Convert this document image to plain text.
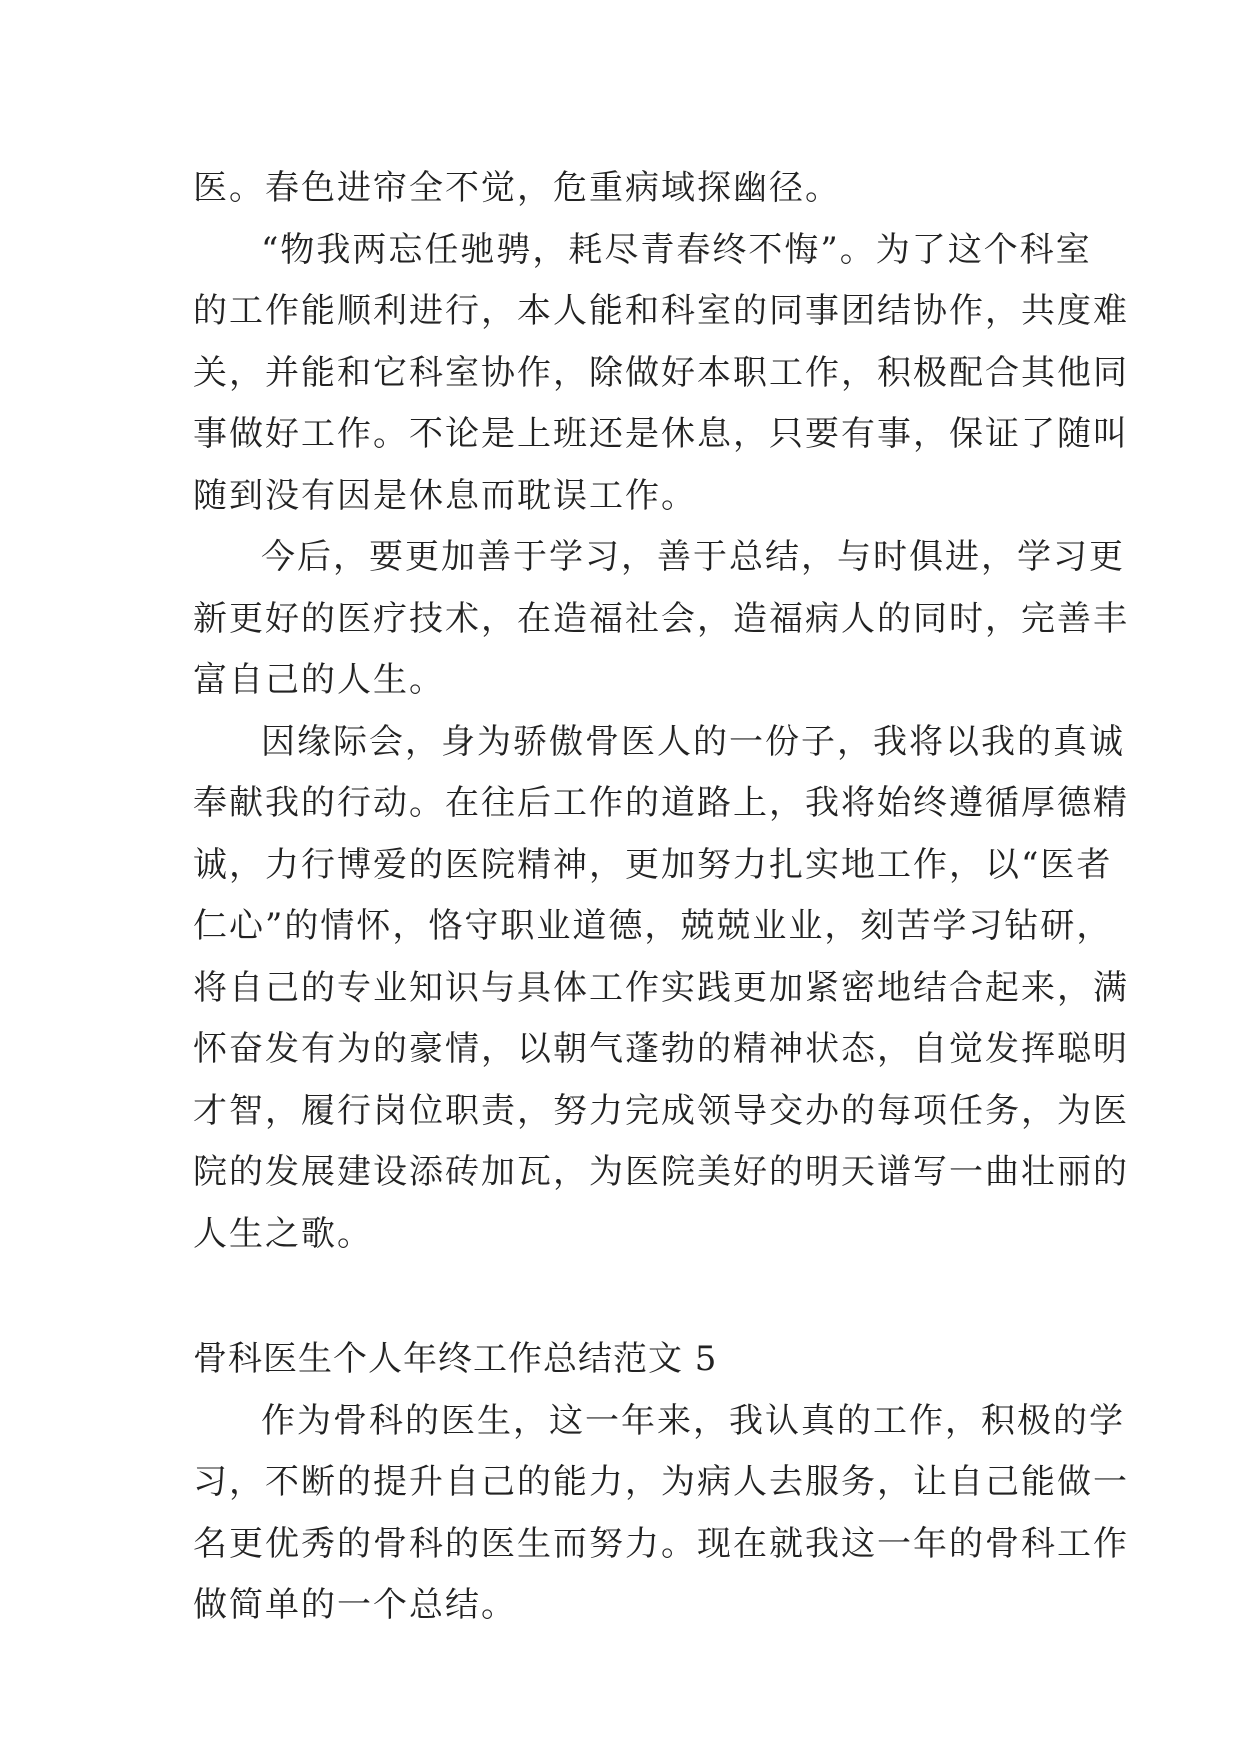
医。春色进帘全不觉，危重病域探幽径。
“物我两忘任驰骋，耗尽青春终不悔”。为了这个科室
的工作能顺利进行，本人能和科室的同事团结协作，共度难
关，并能和它科室协作，除做好本职工作，积极配合其他同
事做好工作。不论是上班还是休息，只要有事，保证了随叫
随到没有因是休息而耽误工作。
今后，要更加善于学习，善于总结，与时俱进，学习更
新更好的医疗技术，在造福社会，造福病人的同时，完善丰
富自己的人生。
因缘际会，身为骄傲骨医人的一份子，我将以我的真诚
奉献我的行动。在往后工作的道路上，我将始终遵循厚德精
诚，力行博爱的医院精神，更加努力扎实地工作，以“医者
仁心”的情怀，恪守职业道德，兢兢业业，刻苦学习钻研，
将自己的专业知识与具体工作实践更加紧密地结合起来，满
怀奋发有为的豪情，以朝气蓬勃的精神状态，自觉发挥聪明
才智，履行岗位职责，努力完成领导交办的每项任务，为医
院的发展建设添砖加瓦，为医院美好的明天谱写一曲壮丽的
人生之歌。
骨科医生个人年终工作总结范文 5
作为骨科的医生，这一年来，我认真的工作，积极的学
习，不断的提升自己的能力，为病人去服务，让自己能做一
名更优秀的骨科的医生而努力。现在就我这一年的骨科工作
做简单的一个总结。
